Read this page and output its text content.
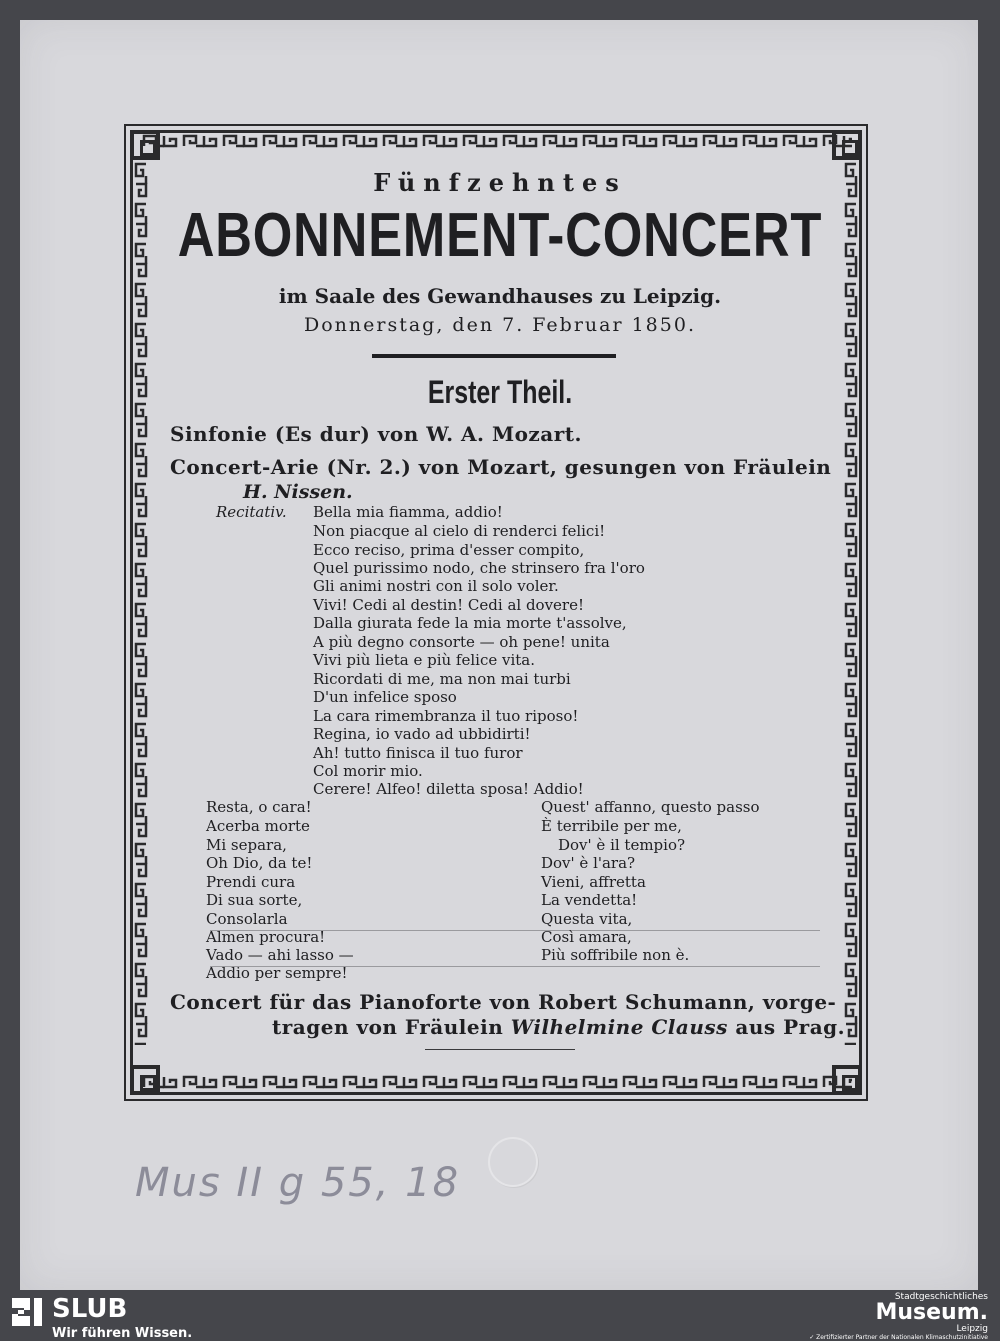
Fünfzehntes
ABONNEMENT-CONCERT
im Saale des Gewandhauses zu Leipzig.
Donnerstag, den 7. Februar 1850.
Erster Theil.
Sinfonie (Es dur) von W. A. Mozart.
Concert-Arie (Nr. 2.) von Mozart, gesungen von Fräulein
H. Nissen.
Recitativ. Bella mia fiamma, addio!
Non piacque al cielo di renderci felici!
Ecco reciso, prima d'esser compito,
Quel purissimo nodo, che strinsero fra l'oro
Gli animi nostri con il solo voler.
Vivi! Cedi al destin! Cedi al dovere!
Dalla giurata fede la mia morte t'assolve,
A più degno consorte — oh pene! unita
Vivi più lieta e più felice vita.
Ricordati di me, ma non mai turbi
D'un infelice sposo
La cara rimembranza il tuo riposo!
Regina, io vado ad ubbidirti!
Ah! tutto finisca il tuo furor
Col morir mio.
Cerere! Alfeo! diletta sposa! Addio!
Resta, o cara!
Acerba morte
Mi separa,
Oh Dio, da te!
Prendi cura
Di sua sorte,
Consolarla
Almen procura!
Vado — ahi lasso —
Addio per sempre!
Quest' affanno, questo passo
È terribile per me,
Dov' è il tempio?
Dov' è l'ara?
Vieni, affretta
La vendetta!
Questa vita,
Così amara,
Più soffribile non è.
Concert für das Pianoforte von Robert Schumann, vorge-
tragen von Fräulein Wilhelmine Clauss aus Prag.
Mus II g 55, 18
SLUB
Wir führen Wissen.
Stadtgeschichtliches
Museum.
Leipzig
✓ Zertifizierter Partner der Nationalen Klimaschutzinitiative
